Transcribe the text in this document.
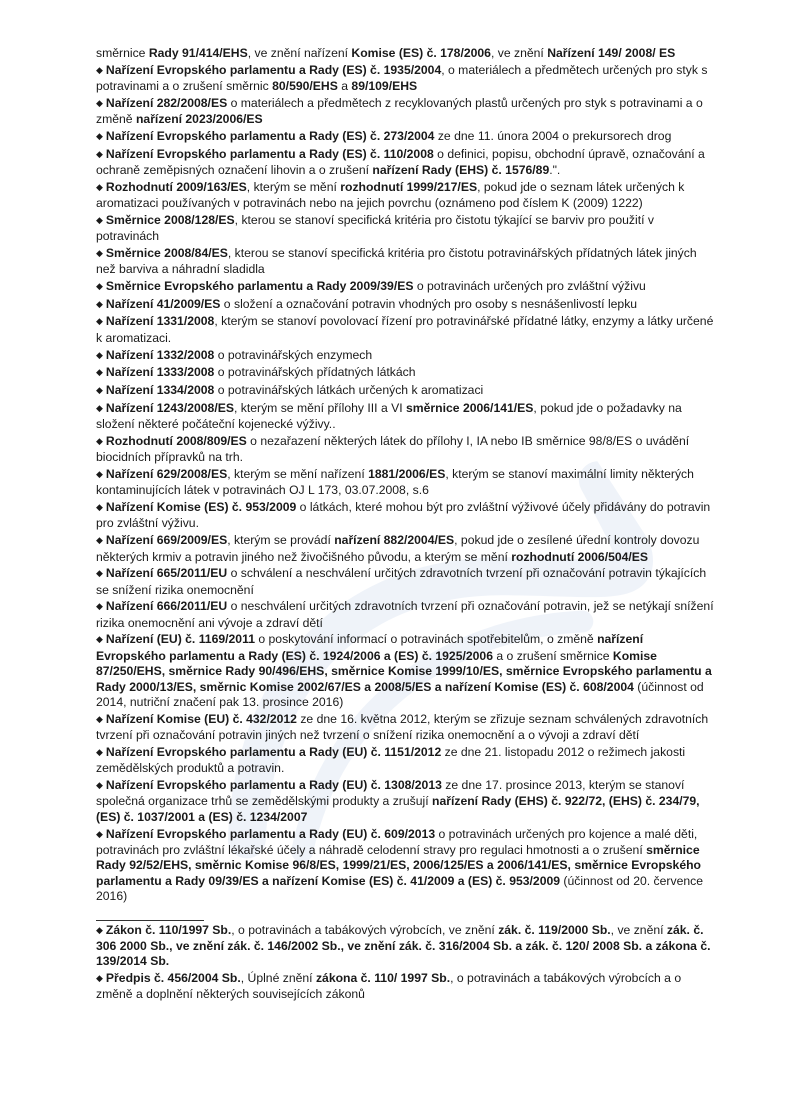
směrnice Rady 91/414/EHS, ve znění nařízení Komise (ES) č. 178/2006, ve znění Nařízení 149/ 2008/ ES
◆ Nařízení Evropského parlamentu a Rady (ES) č. 1935/2004, o materiálech a předmětech určených pro styk s potravinami a o zrušení směrnic 80/590/EHS a 89/109/EHS
◆ Nařízení 282/2008/ES o materiálech a předmětech z recyklovaných plastů určených pro styk s potravinami a o změně nařízení 2023/2006/ES
◆ Nařízení Evropského parlamentu a Rady (ES) č. 273/2004 ze dne 11. února 2004 o prekursorech drog
◆ Nařízení Evropského parlamentu a Rady (ES) č. 110/2008 o definici, popisu, obchodní úpravě, označování a ochraně zeměpisných označení lihovin a o zrušení nařízení Rady (EHS) č. 1576/89.".
◆ Rozhodnutí 2009/163/ES, kterým se mění rozhodnutí 1999/217/ES, pokud jde o seznam látek určených k aromatizaci používaných v potravinách nebo na jejich povrchu (oznámeno pod číslem K (2009) 1222)
◆ Směrnice 2008/128/ES, kterou se stanoví specifická kritéria pro čistotu týkající se barviv pro použití v potravinách
◆ Směrnice 2008/84/ES, kterou se stanoví specifická kritéria pro čistotu potravinářských přídatných látek jiných než barviva a náhradní sladidla
◆ Směrnice Evropského parlamentu a Rady 2009/39/ES o potravinách určených pro zvláštní výživu
◆ Nařízení 41/2009/ES o složení a označování potravin vhodných pro osoby s nesnášenlivostí lepku
◆ Nařízení 1331/2008, kterým se stanoví povolovací řízení pro potravinářské přídatné látky, enzymy a látky určené k aromatizaci.
◆ Nařízení 1332/2008 o potravinářských enzymech
◆ Nařízení 1333/2008 o potravinářských přídatných látkách
◆ Nařízení 1334/2008 o potravinářských látkách určených k aromatizaci
◆ Nařízení 1243/2008/ES, kterým se mění přílohy III a VI směrnice 2006/141/ES, pokud jde o požadavky na složení některé počáteční kojenecké výživy..
◆ Rozhodnutí 2008/809/ES o nezařazení některých látek do přílohy I, IA nebo IB směrnice 98/8/ES o uvádění biocidních přípravků na trh.
◆ Nařízení 629/2008/ES, kterým se mění nařízení 1881/2006/ES, kterým se stanoví maximální limity některých kontaminujících látek v potravinách OJ L 173, 03.07.2008, s.6
◆ Nařízení Komise (ES) č. 953/2009 o látkách, které mohou být pro zvláštní výživové účely přidávány do potravin pro zvláštní výživu.
◆ Nařízení 669/2009/ES, kterým se provádí nařízení 882/2004/ES, pokud jde o zesílené úřední kontroly dovozu některých krmiv a potravin jiného než živočišného původu, a kterým se mění rozhodnutí 2006/504/ES
◆ Nařízení 665/2011/EU o schválení a neschválení určitých zdravotních tvrzení při označování potravin týkajících se snížení rizika onemocnění
◆ Nařízení 666/2011/EU o neschválení určitých zdravotních tvrzení při označování potravin, jež se netýkají snížení rizika onemocnění ani vývoje a zdraví dětí
◆ Nařízení (EU) č. 1169/2011 o poskytování informací o potravinách spotřebitelům, o změně nařízení Evropského parlamentu a Rady (ES) č. 1924/2006 a (ES) č. 1925/2006 a o zrušení směrnice Komise 87/250/EHS, směrnice Rady 90/496/EHS, směrnice Komise 1999/10/ES, směrnice Evropského parlamentu a Rady 2000/13/ES, směrnic Komise 2002/67/ES a 2008/5/ES a nařízení Komise (ES) č. 608/2004 (účinnost od 2014, nutriční značení pak 13. prosince 2016)
◆ Nařízení Komise (EU) č. 432/2012 ze dne 16. května 2012, kterým se zřizuje seznam schválených zdravotních tvrzení při označování potravin jiných než tvrzení o snížení rizika onemocnění a o vývoji a zdraví dětí
◆ Nařízení Evropského parlamentu a Rady (EU) č. 1151/2012 ze dne 21. listopadu 2012 o režimech jakosti zemědělských produktů a potravin.
◆ Nařízení Evropského parlamentu a Rady (EU) č. 1308/2013 ze dne 17. prosince 2013, kterým se stanoví společná organizace trhů se zemědělskými produkty a zrušují nařízení Rady (EHS) č. 922/72, (EHS) č. 234/79, (ES) č. 1037/2001 a (ES) č. 1234/2007
◆ Nařízení Evropského parlamentu a Rady (EU) č. 609/2013 o potravinách určených pro kojence a malé děti, potravinách pro zvláštní lékařské účely a náhradě celodenní stravy pro regulaci hmotnosti a o zrušení směrnice Rady 92/52/EHS, směrnic Komise 96/8/ES, 1999/21/ES, 2006/125/ES a 2006/141/ES, směrnice Evropského parlamentu a Rady 09/39/ES a nařízení Komise (ES) č. 41/2009 a (ES) č. 953/2009 (účinnost od 20. července 2016)
◆ Zákon č. 110/1997 Sb., o potravinách a tabákových výrobcích, ve znění zák. č. 119/2000 Sb., ve znění zák. č. 306 2000 Sb., ve znění zák. č. 146/2002 Sb., ve znění zák. č. 316/2004 Sb. a zák. č. 120/ 2008 Sb. a zákona č. 139/2014 Sb.
◆ Předpis č. 456/2004 Sb., Úplné znění zákona č. 110/ 1997 Sb., o potravinách a tabákových výrobcích a o změně a doplnění některých souvisejících zákonů
